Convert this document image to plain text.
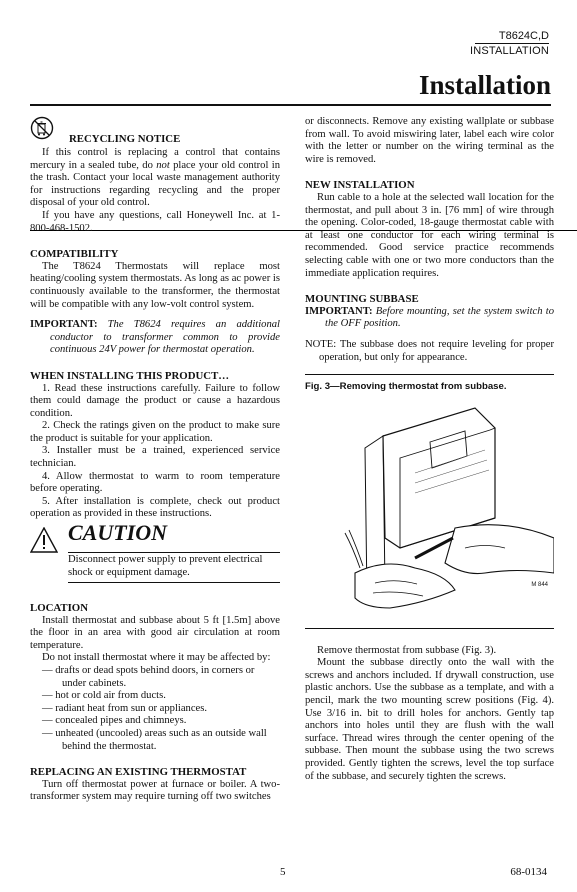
T8624C,D
INSTALLATION
Installation
RECYCLING NOTICE

If this control is replacing a control that contains mercury in a sealed tube, do not place your old control in the trash. Contact your local waste management authority for instructions regarding recycling and the proper disposal of your old control.

If you have any questions, call Honeywell Inc. at 1-800-468-1502.

COMPATIBILITY

The T8624 Thermostats will replace most heating/cooling system thermostats. As long as ac power is continuously available to the transformer, the thermostat will be compatible with any low-volt control system.

IMPORTANT: The T8624 requires an additional conductor to transformer common to provide continuous 24V power for thermostat operation.

WHEN INSTALLING THIS PRODUCT…

1. Read these instructions carefully. Failure to follow them could damage the product or cause a hazardous condition.

2. Check the ratings given on the product to make sure the product is suitable for your application.

3. Installer must be a trained, experienced service technician.

4. Allow thermostat to warm to room temperature before operating.

5. After installation is complete, check out product operation as provided in these instructions.

CAUTION
Disconnect power supply to prevent electrical shock or equipment damage.
LOCATION

Install thermostat and subbase about 5 ft [1.5m] above the floor in an area with good air circulation at room temperature.

Do not install thermostat where it may be affected by:

— drafts or dead spots behind doors, in corners or under cabinets.

— hot or cold air from ducts.

— radiant heat from sun or appliances.

— concealed pipes and chimneys.

— unheated (uncooled) areas such as an outside wall behind the thermostat.

REPLACING AN EXISTING THERMOSTAT

Turn off thermostat power at furnace or boiler. A two-transformer system may require turning off two switches

or disconnects. Remove any existing wallplate or subbase from wall. To avoid miswiring later, label each wire color with the letter or number on the wiring terminal as the wire is removed.

NEW INSTALLATION

Run cable to a hole at the selected wall location for the thermostat, and pull about 3 in. [76 mm] of wire through the opening. Color-coded, 18-gauge thermostat cable with at least one conductor for each wiring terminal is recommended. Good service practice recommends selecting cable with one or two more conductors than the immediate application requires.

MOUNTING SUBBASE

IMPORTANT: Before mounting, set the system switch to the OFF position.

NOTE: The subbase does not require leveling for proper operation, but only for appearance.

Fig. 3—Removing thermostat from subbase.

M 844

Remove thermostat from subbase (Fig. 3).

Mount the subbase directly onto the wall with the screws and anchors included. If drywall construction, use plastic anchors. Use the subbase as a template, and with a pencil, mark the two mounting screw positions (Fig. 4). Use 3/16 in. bit to drill holes for anchors. Gently tap anchors into holes until they are flush with the wall surface. Thread wires through the center opening of the subbase. Then mount the subbase using the two screws provided. Gently tighten the screws, level the top surface of the subbase, and securely tighten the screws.

5	68-0134
